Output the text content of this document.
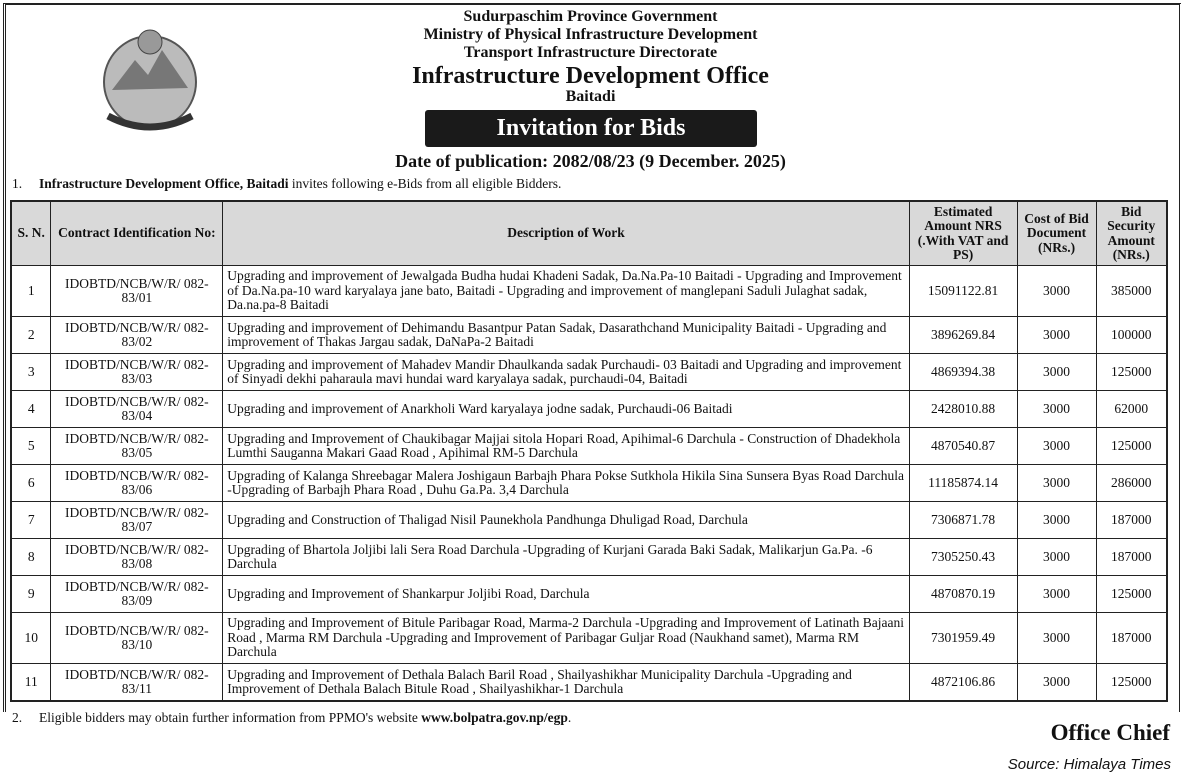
Sudurpaschim Province Government
Ministry of Physical Infrastructure Development
Transport Infrastructure Directorate
Infrastructure Development Office
Baitadi
Invitation for Bids
Date of publication: 2082/08/23 (9 December. 2025)
1. Infrastructure Development Office, Baitadi invites following e-Bids from all eligible Bidders.
S. N.	Contract Identification No:	Description of Work	Estimated Amount NRS (.With VAT and PS)	Cost of Bid Document (NRs.)	Bid Security Amount (NRs.)
1	IDOBTD/NCB/W/R/ 082-83/01	Upgrading and improvement of Jewalgada Budha hudai Khadeni Sadak, Da.Na.Pa-10 Baitadi - Upgrading and Improvement of Da.Na.pa-10 ward karyalaya jane bato, Baitadi - Upgrading and improvement of manglepani Saduli Julaghat sadak, Da.na.pa-8 Baitadi	15091122.81	3000	385000
2	IDOBTD/NCB/W/R/ 082-83/02	Upgrading and improvement of Dehimandu Basantpur Patan Sadak, Dasarathchand Municipality Baitadi - Upgrading and improvement of Thakas Jargau sadak, DaNaPa-2 Baitadi	3896269.84	3000	100000
3	IDOBTD/NCB/W/R/ 082-83/03	Upgrading and improvement of Mahadev Mandir Dhaulkanda sadak Purchaudi- 03 Baitadi and Upgrading and improvement of Sinyadi dekhi paharaula mavi hundai ward karyalaya sadak, purchaudi-04, Baitadi	4869394.38	3000	125000
4	IDOBTD/NCB/W/R/ 082-83/04	Upgrading and improvement of Anarkholi Ward karyalaya jodne sadak, Purchaudi-06 Baitadi	2428010.88	3000	62000
5	IDOBTD/NCB/W/R/ 082-83/05	Upgrading and Improvement of Chaukibagar Majjai sitola Hopari Road, Apihimal-6 Darchula - Construction of Dhadekhola Lumthi Sauganna Makari Gaad Road , Apihimal RM-5 Darchula	4870540.87	3000	125000
6	IDOBTD/NCB/W/R/ 082-83/06	Upgrading of Kalanga Shreebagar Malera Joshigaun Barbajh Phara Pokse Sutkhola Hikila Sina Sunsera Byas Road Darchula -Upgrading of Barbajh Phara Road , Duhu Ga.Pa. 3,4 Darchula	11185874.14	3000	286000
7	IDOBTD/NCB/W/R/ 082-83/07	Upgrading and Construction of Thaligad Nisil Paunekhola Pandhunga Dhuligad Road, Darchula	7306871.78	3000	187000
8	IDOBTD/NCB/W/R/ 082-83/08	Upgrading of Bhartola Joljibi lali Sera Road Darchula -Upgrading of Kurjani Garada Baki Sadak, Malikarjun Ga.Pa. -6 Darchula	7305250.43	3000	187000
9	IDOBTD/NCB/W/R/ 082-83/09	Upgrading and Improvement of Shankarpur Joljibi Road, Darchula	4870870.19	3000	125000
10	IDOBTD/NCB/W/R/ 082-83/10	Upgrading and Improvement of Bitule Paribagar Road, Marma-2 Darchula -Upgrading and Improvement of Latinath Bajaani Road , Marma RM Darchula -Upgrading and Improvement of Paribagar Guljar Road (Naukhand samet), Marma RM Darchula	7301959.49	3000	187000
11	IDOBTD/NCB/W/R/ 082-83/11	Upgrading and Improvement of Dethala Balach Baril Road , Shailyashikhar Municipality Darchula -Upgrading and Improvement of Dethala Balach Bitule Road , Shailyashikhar-1 Darchula	4872106.86	3000	125000
2. Eligible bidders may obtain further information from PPMO's website www.bolpatra.gov.np/egp.
Office Chief
Source: Himalaya Times
